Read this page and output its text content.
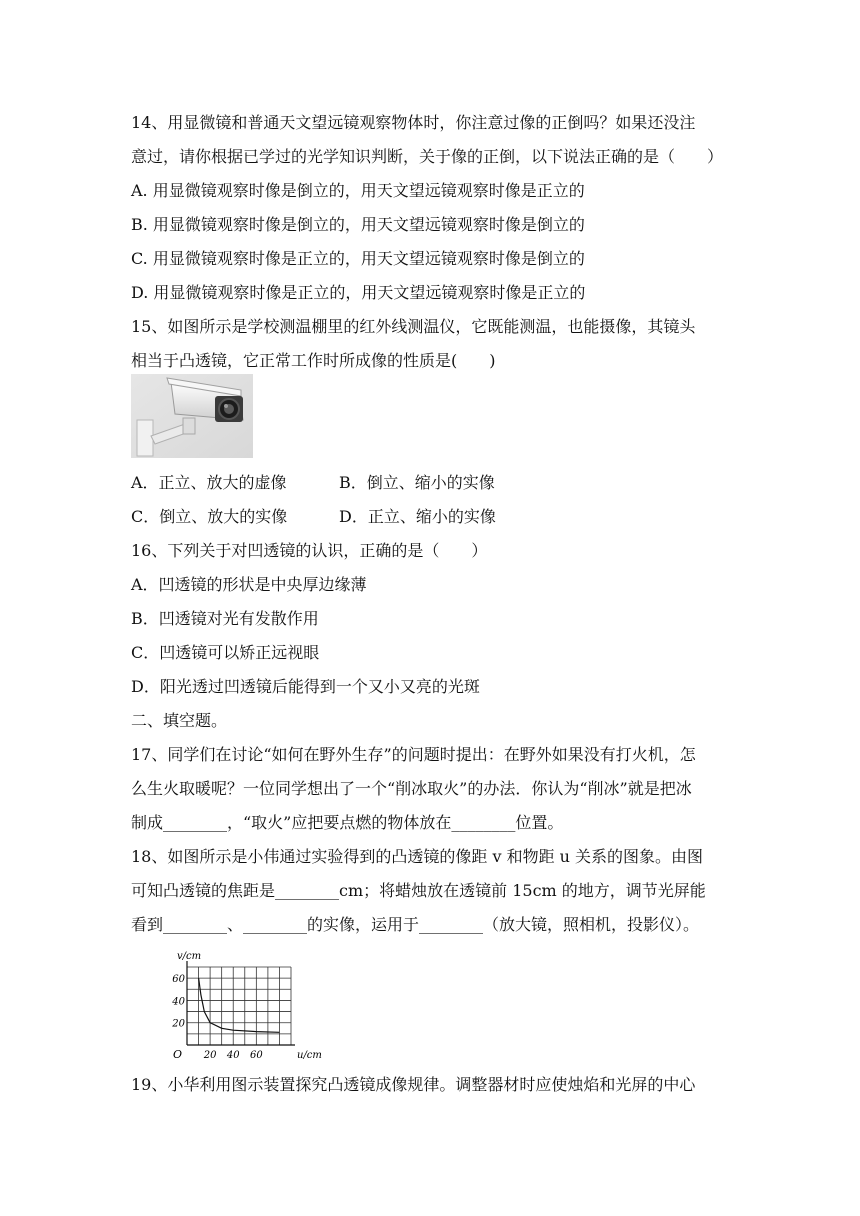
14、用显微镜和普通天文望远镜观察物体时，你注意过像的正倒吗？如果还没注
意过，请你根据已学过的光学知识判断，关于像的正倒，以下说法正确的是（　　）
A. 用显微镜观察时像是倒立的，用天文望远镜观察时像是正立的
B. 用显微镜观察时像是倒立的，用天文望远镜观察时像是倒立的
C. 用显微镜观察时像是正立的，用天文望远镜观察时像是倒立的
D. 用显微镜观察时像是正立的，用天文望远镜观察时像是正立的
15、如图所示是学校测温棚里的红外线测温仪，它既能测温，也能摄像，其镜头
相当于凸透镜，它正常工作时所成像的性质是(　　)
A．正立、放大的虚像	B．倒立、缩小的实像
C．倒立、放大的实像	D．正立、缩小的实像
16、下列关于对凹透镜的认识，正确的是（　　）
A．凹透镜的形状是中央厚边缘薄
B．凹透镜对光有发散作用
C．凹透镜可以矫正远视眼
D．阳光透过凹透镜后能得到一个又小又亮的光斑
二、填空题。
17、同学们在讨论“如何在野外生存”的问题时提出：在野外如果没有打火机，怎
么生火取暖呢？一位同学想出了一个“削冰取火”的办法．你认为“削冰”就是把冰
制成________，“取火”应把要点燃的物体放在________位置。
18、如图所示是小伟通过实验得到的凸透镜的像距 v 和物距 u 关系的图象。由图
可知凸透镜的焦距是________cm；将蜡烛放在透镜前 15cm 的地方，调节光屏能
看到________、________的实像，运用于________（放大镜，照相机，投影仪）。
v/cm
u/cm
O 20 40 60
20
40
60
19、小华利用图示装置探究凸透镜成像规律。调整器材时应使烛焰和光屏的中心
